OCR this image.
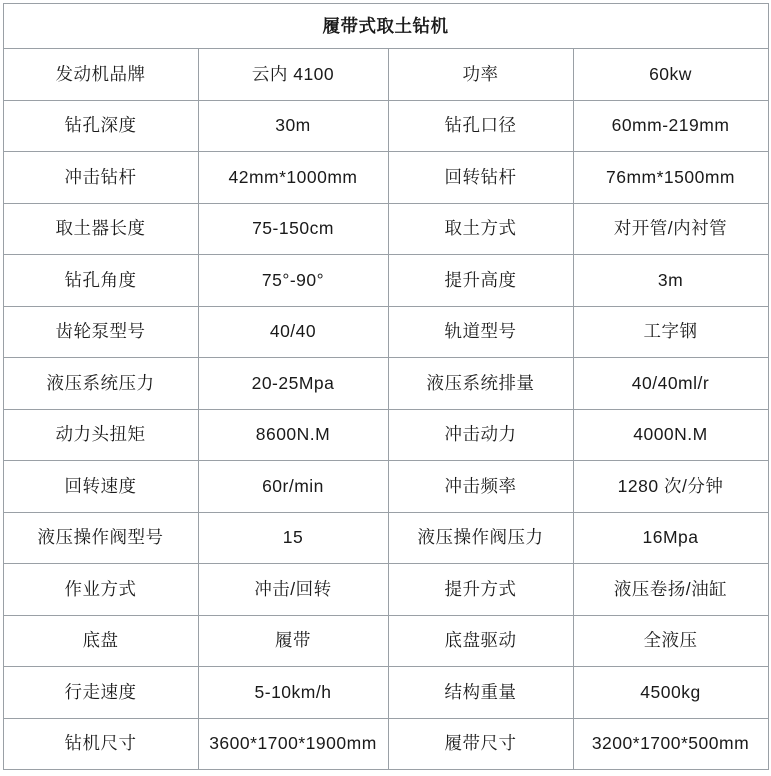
履带式取土钻机			
发动机品牌	云内 4100	功率	60kw
钻孔深度	30m	钻孔口径	60mm-219mm
冲击钻杆	42mm*1000mm	回转钻杆	76mm*1500mm
取土器长度	75-150cm	取土方式	对开管/内衬管
钻孔角度	75°-90°	提升高度	3m
齿轮泵型号	40/40	轨道型号	工字钢
液压系统压力	20-25Mpa	液压系统排量	40/40ml/r
动力头扭矩	8600N.M	冲击动力	4000N.M
回转速度	60r/min	冲击频率	1280 次/分钟
液压操作阀型号	15	液压操作阀压力	16Mpa
作业方式	冲击/回转	提升方式	液压卷扬/油缸
底盘	履带	底盘驱动	全液压
行走速度	5-10km/h	结构重量	4500kg
钻机尺寸	3600*1700*1900mm	履带尺寸	3200*1700*500mm
